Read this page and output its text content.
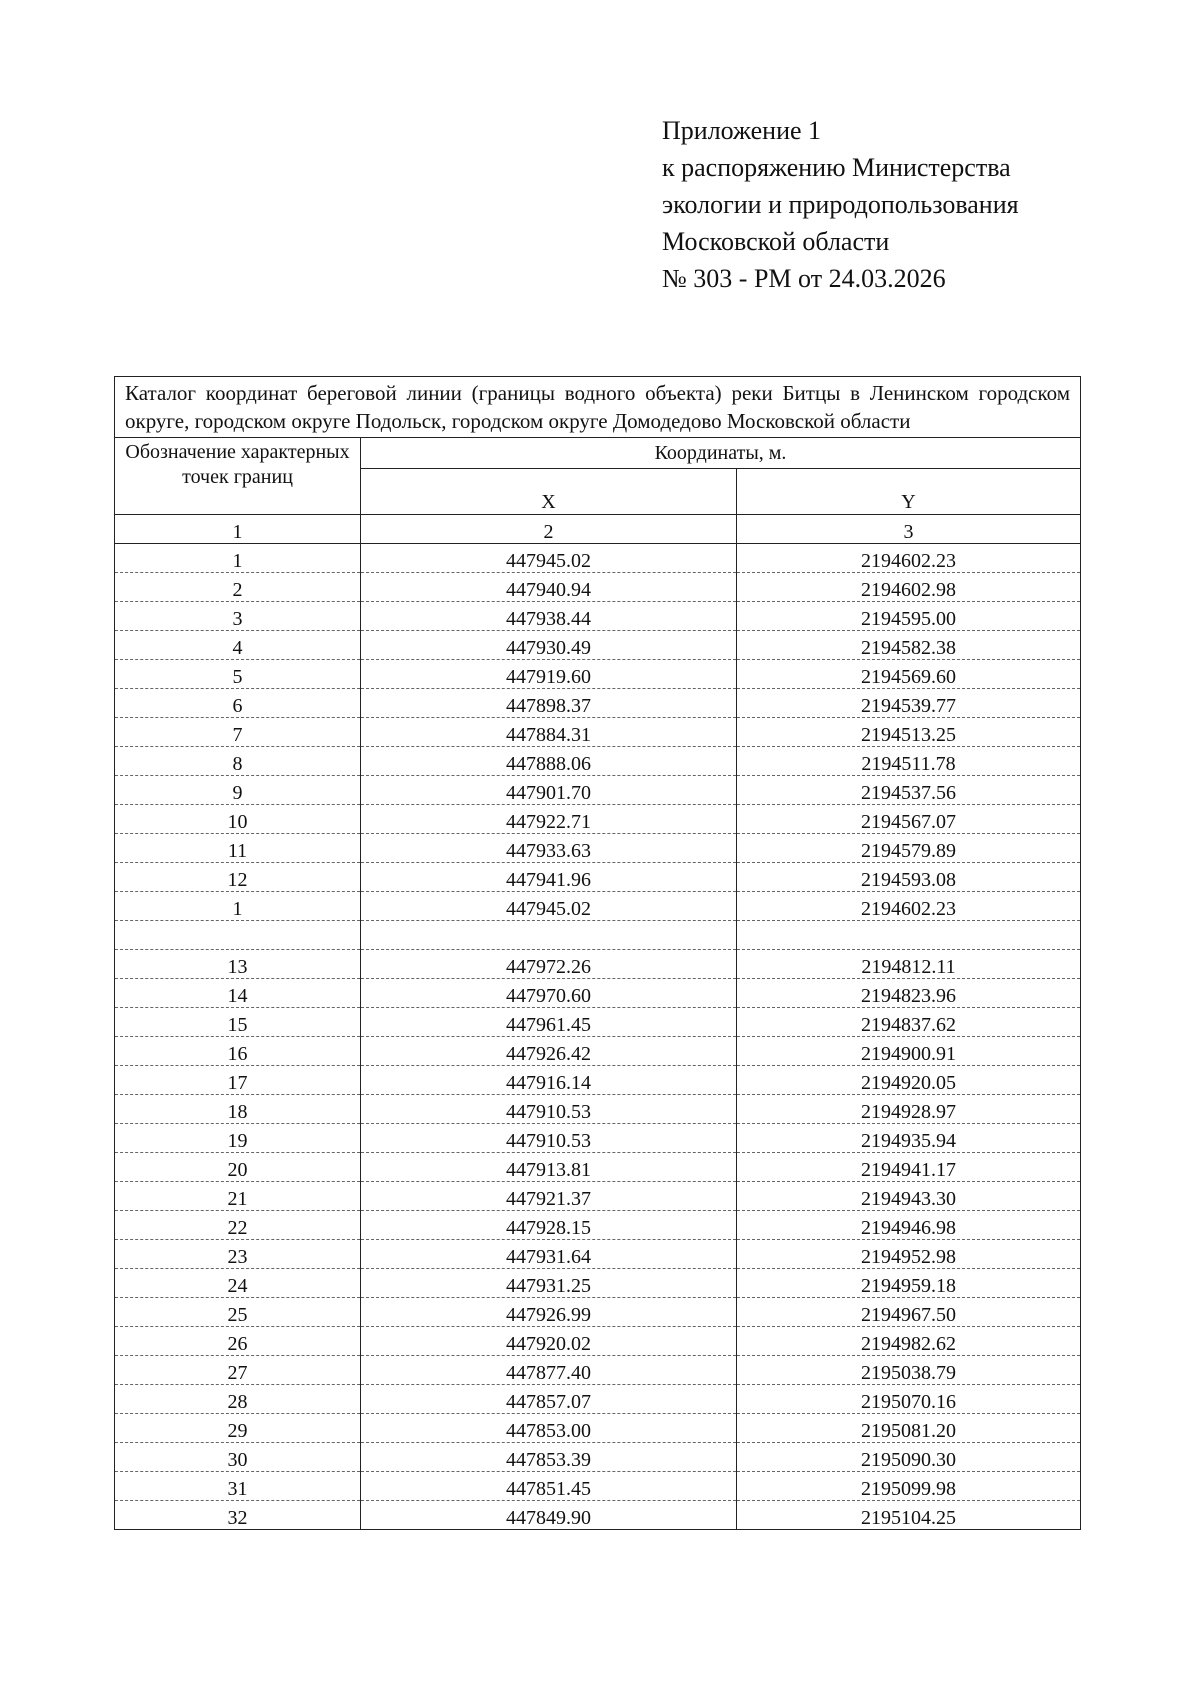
Приложение 1
к распоряжению Министерства
экологии и природопользования
Московской области
№ 303 - РМ от 24.03.2026
Каталог координат береговой линии (границы водного объекта) реки Битцы в Ленинском городском округе, городском округе Подольск, городском округе Домодедово Московской области		
Обозначение характерных точек границ	Координаты, м.	
	X	Y
1	2	3
1	447945.02	2194602.23
2	447940.94	2194602.98
3	447938.44	2194595.00
4	447930.49	2194582.38
5	447919.60	2194569.60
6	447898.37	2194539.77
7	447884.31	2194513.25
8	447888.06	2194511.78
9	447901.70	2194537.56
10	447922.71	2194567.07
11	447933.63	2194579.89
12	447941.96	2194593.08
1	447945.02	2194602.23

13	447972.26	2194812.11
14	447970.60	2194823.96
15	447961.45	2194837.62
16	447926.42	2194900.91
17	447916.14	2194920.05
18	447910.53	2194928.97
19	447910.53	2194935.94
20	447913.81	2194941.17
21	447921.37	2194943.30
22	447928.15	2194946.98
23	447931.64	2194952.98
24	447931.25	2194959.18
25	447926.99	2194967.50
26	447920.02	2194982.62
27	447877.40	2195038.79
28	447857.07	2195070.16
29	447853.00	2195081.20
30	447853.39	2195090.30
31	447851.45	2195099.98
32	447849.90	2195104.25
